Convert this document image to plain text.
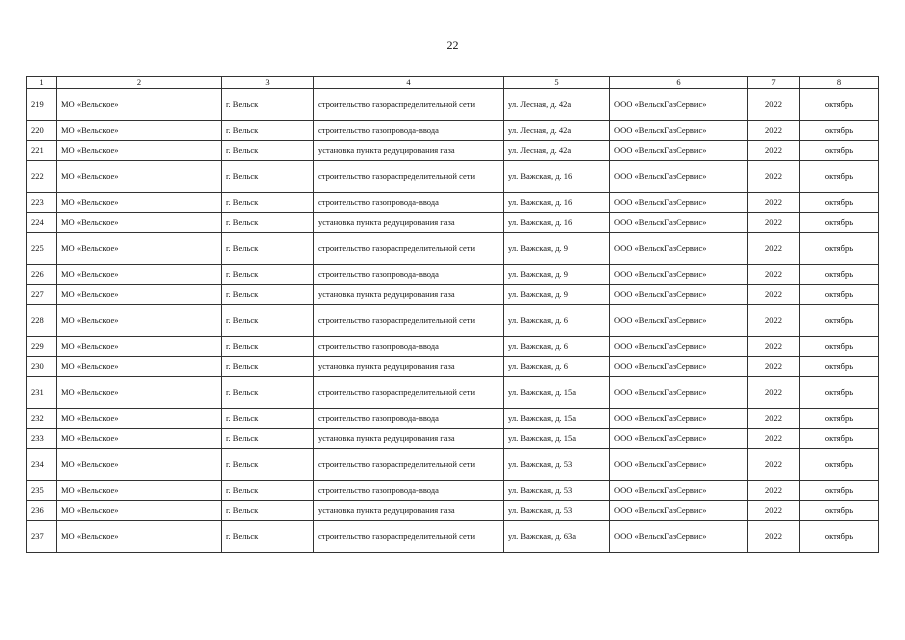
22
1	2	3	4	5	6	7	8
219	МО «Вельское»	г. Вельск	строительство газораспределительной сети	ул. Лесная, д. 42а	ООО «ВельскГазСервис»	2022	октябрь
220	МО «Вельское»	г. Вельск	строительство газопровода-ввода	ул. Лесная, д. 42а	ООО «ВельскГазСервис»	2022	октябрь
221	МО «Вельское»	г. Вельск	установка пункта редуцирования газа	ул. Лесная, д. 42а	ООО «ВельскГазСервис»	2022	октябрь
222	МО «Вельское»	г. Вельск	строительство газораспределительной сети	ул. Важская, д. 16	ООО «ВельскГазСервис»	2022	октябрь
223	МО «Вельское»	г. Вельск	строительство газопровода-ввода	ул. Важская, д. 16	ООО «ВельскГазСервис»	2022	октябрь
224	МО «Вельское»	г. Вельск	установка пункта редуцирования газа	ул. Важская, д. 16	ООО «ВельскГазСервис»	2022	октябрь
225	МО «Вельское»	г. Вельск	строительство газораспределительной сети	ул. Важская, д. 9	ООО «ВельскГазСервис»	2022	октябрь
226	МО «Вельское»	г. Вельск	строительство газопровода-ввода	ул. Важская, д. 9	ООО «ВельскГазСервис»	2022	октябрь
227	МО «Вельское»	г. Вельск	установка пункта редуцирования газа	ул. Важская, д. 9	ООО «ВельскГазСервис»	2022	октябрь
228	МО «Вельское»	г. Вельск	строительство газораспределительной сети	ул. Важская, д. 6	ООО «ВельскГазСервис»	2022	октябрь
229	МО «Вельское»	г. Вельск	строительство газопровода-ввода	ул. Важская, д. 6	ООО «ВельскГазСервис»	2022	октябрь
230	МО «Вельское»	г. Вельск	установка пункта редуцирования газа	ул. Важская, д. 6	ООО «ВельскГазСервис»	2022	октябрь
231	МО «Вельское»	г. Вельск	строительство газораспределительной сети	ул. Важская, д. 15а	ООО «ВельскГазСервис»	2022	октябрь
232	МО «Вельское»	г. Вельск	строительство газопровода-ввода	ул. Важская, д. 15а	ООО «ВельскГазСервис»	2022	октябрь
233	МО «Вельское»	г. Вельск	установка пункта редуцирования газа	ул. Важская, д. 15а	ООО «ВельскГазСервис»	2022	октябрь
234	МО «Вельское»	г. Вельск	строительство газораспределительной сети	ул. Важская, д. 53	ООО «ВельскГазСервис»	2022	октябрь
235	МО «Вельское»	г. Вельск	строительство газопровода-ввода	ул. Важская, д. 53	ООО «ВельскГазСервис»	2022	октябрь
236	МО «Вельское»	г. Вельск	установка пункта редуцирования газа	ул. Важская, д. 53	ООО «ВельскГазСервис»	2022	октябрь
237	МО «Вельское»	г. Вельск	строительство газораспределительной сети	ул. Важская, д. 63а	ООО «ВельскГазСервис»	2022	октябрь
